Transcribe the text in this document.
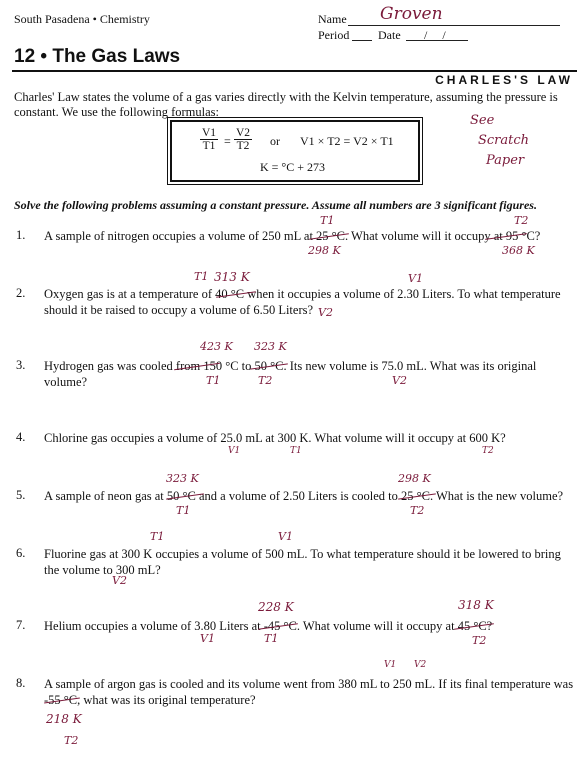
South Pasadena • Chemistry	Name Groven
Period Date / /
12 • The Gas Laws
CHARLES'S LAW
Charles' Law states the volume of a gas varies directly with the Kelvin temperature, assuming the pressure is constant. We use the following formulas:
$\frac{V1}{T1} = \frac{V2}{T2}$ or V1 × T2 = V2 × T1
K = °C + 273
See
Scratch
Paper
Solve the following problems assuming a constant pressure. Assume all numbers are 3 significant figures.
1. A sample of nitrogen occupies a volume of 250 mL at 25 °C. What volume will it occupy at 95 °C?
T1
298 K
T2
368 K
2. Oxygen gas is at a temperature of 40 °C when it occupies a volume of 2.30 Liters. To what temperature should it be raised to occupy a volume of 6.50 Liters?
313 K
T1	V1
V2
3. Hydrogen gas was cooled from 150 °C to 50 °C. Its new volume is 75.0 mL. What was its original volume?
423 K 323 K
T1	T2	V2
4. Chlorine gas occupies a volume of 25.0 mL at 300 K. What volume will it occupy at 600 K?
V1	T1	T2
5. A sample of neon gas at 50 °C and a volume of 2.50 Liters is cooled to 25 °C. What is the new volume?
323 K
T1
298 K
T2
6. Fluorine gas at 300 K occupies a volume of 500 mL. To what temperature should it be lowered to bring the volume to 300 mL?
T1	V1
V2
7. Helium occupies a volume of 3.80 Liters at -45 °C. What volume will it occupy at 45 °C?
228 K
V1	T1
318 K
T2
8. A sample of argon gas is cooled and its volume went from 380 mL to 250 mL. If its final temperature was -55 °C, what was its original temperature?
V1 V2
218 K
T2
